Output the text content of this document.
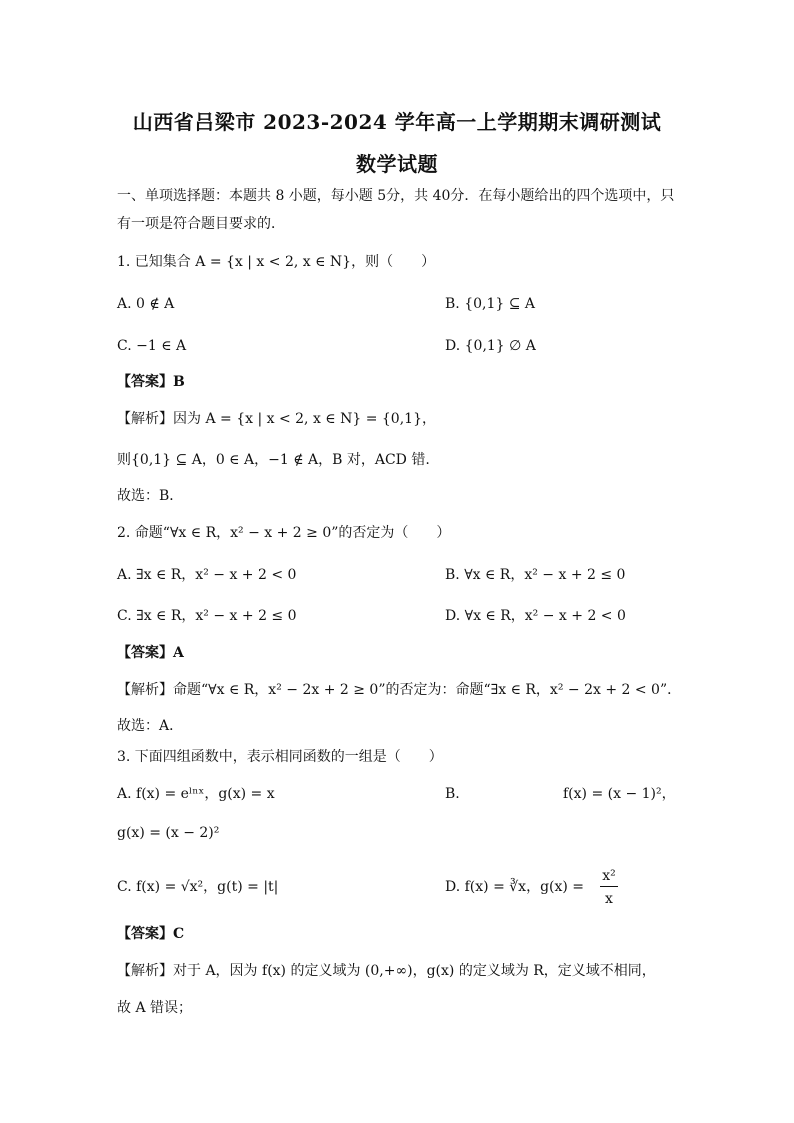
山西省吕梁市 2023-2024 学年高一上学期期末调研测试
数学试题
一、单项选择题：本题共 8 小题，每小题 5分，共 40分．在每小题给出的四个选项中，只
有一项是符合题目要求的．
1. 已知集合 A = {x | x < 2, x ∈ N}，则（　　）
A. 0 ∉ A	B. {0,1} ⊆ A
C. −1 ∈ A	D. {0,1} ∅ A
【答案】B
【解析】因为 A = {x | x < 2, x ∈ N} = {0,1}，
则{0,1} ⊆ A，0 ∈ A，−1 ∉ A，B 对，ACD 错.
故选：B．
2. 命题“∀x ∈ R，x² − x + 2 ≥ 0”的否定为（　　）
A. ∃x ∈ R，x² − x + 2 < 0	B. ∀x ∈ R，x² − x + 2 ≤ 0
C. ∃x ∈ R，x² − x + 2 ≤ 0	D. ∀x ∈ R，x² − x + 2 < 0
【答案】A
【解析】命题“∀x ∈ R，x² − 2x + 2 ≥ 0”的否定为：命题“∃x ∈ R，x² − 2x + 2 < 0”．
故选：A．
3. 下面四组函数中，表示相同函数的一组是（　　）
A. f(x) = eˡⁿˣ，g(x) = x	B.	f(x) = (x − 1)²，
g(x) = (x − 2)²
C. f(x) = √x²，g(t) = |t|	D. f(x) = ∛x，g(x) =
x²
x
【答案】C
【解析】对于 A，因为 f(x) 的定义域为 (0,+∞)，g(x) 的定义域为 R，定义域不相同，
故 A 错误；
